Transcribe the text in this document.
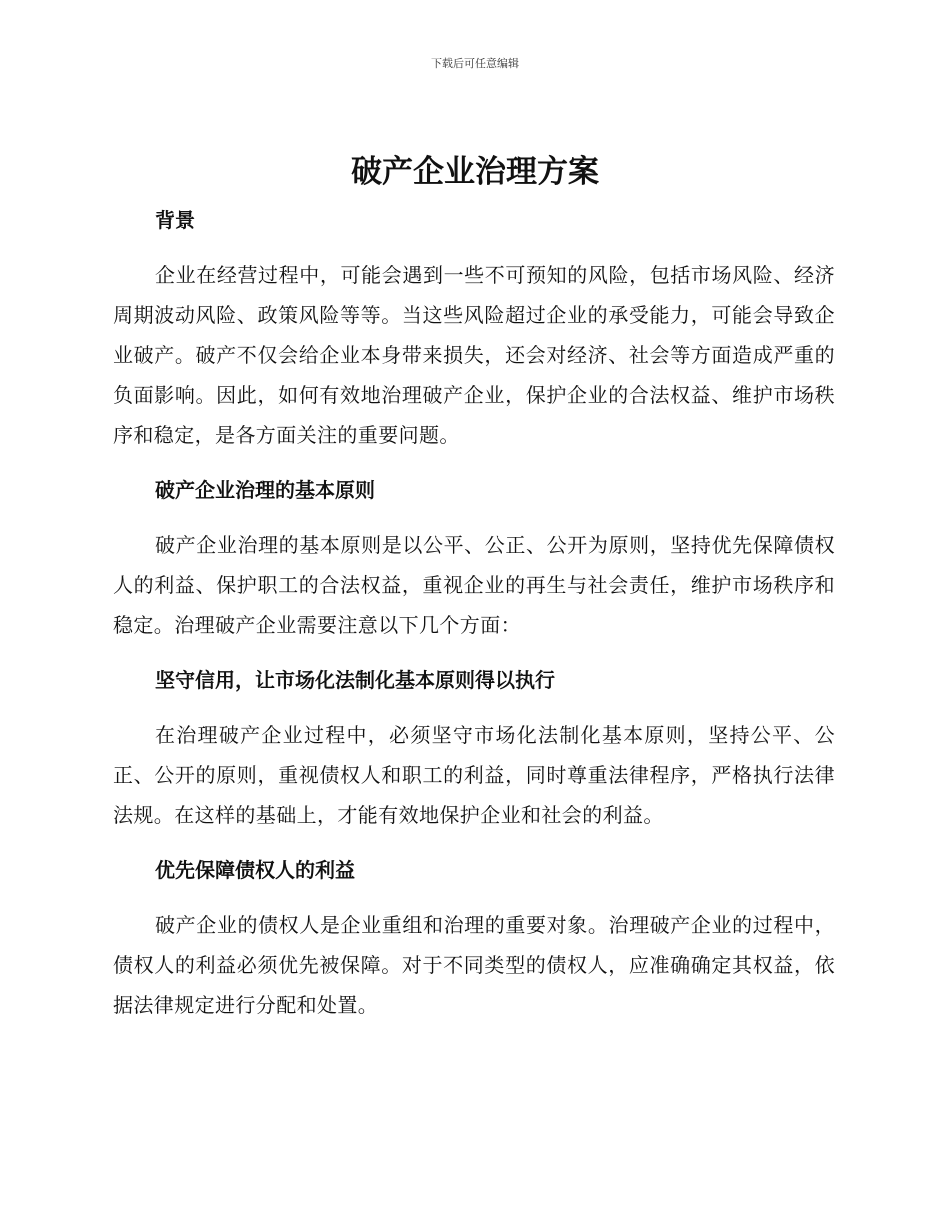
下载后可任意编辑
破产企业治理方案
背景

企业在经营过程中，可能会遇到一些不可预知的风险，包括市场风险、经济周期波动风险、政策风险等等。当这些风险超过企业的承受能力，可能会导致企业破产。破产不仅会给企业本身带来损失，还会对经济、社会等方面造成严重的负面影响。因此，如何有效地治理破产企业，保护企业的合法权益、维护市场秩序和稳定，是各方面关注的重要问题。

破产企业治理的基本原则

破产企业治理的基本原则是以公平、公正、公开为原则，坚持优先保障债权人的利益、保护职工的合法权益，重视企业的再生与社会责任，维护市场秩序和稳定。治理破产企业需要注意以下几个方面：

坚守信用，让市场化法制化基本原则得以执行

在治理破产企业过程中，必须坚守市场化法制化基本原则，坚持公平、公正、公开的原则，重视债权人和职工的利益，同时尊重法律程序，严格执行法律法规。在这样的基础上，才能有效地保护企业和社会的利益。

优先保障债权人的利益

破产企业的债权人是企业重组和治理的重要对象。治理破产企业的过程中，债权人的利益必须优先被保障。对于不同类型的债权人，应准确确定其权益，依据法律规定进行分配和处置。
